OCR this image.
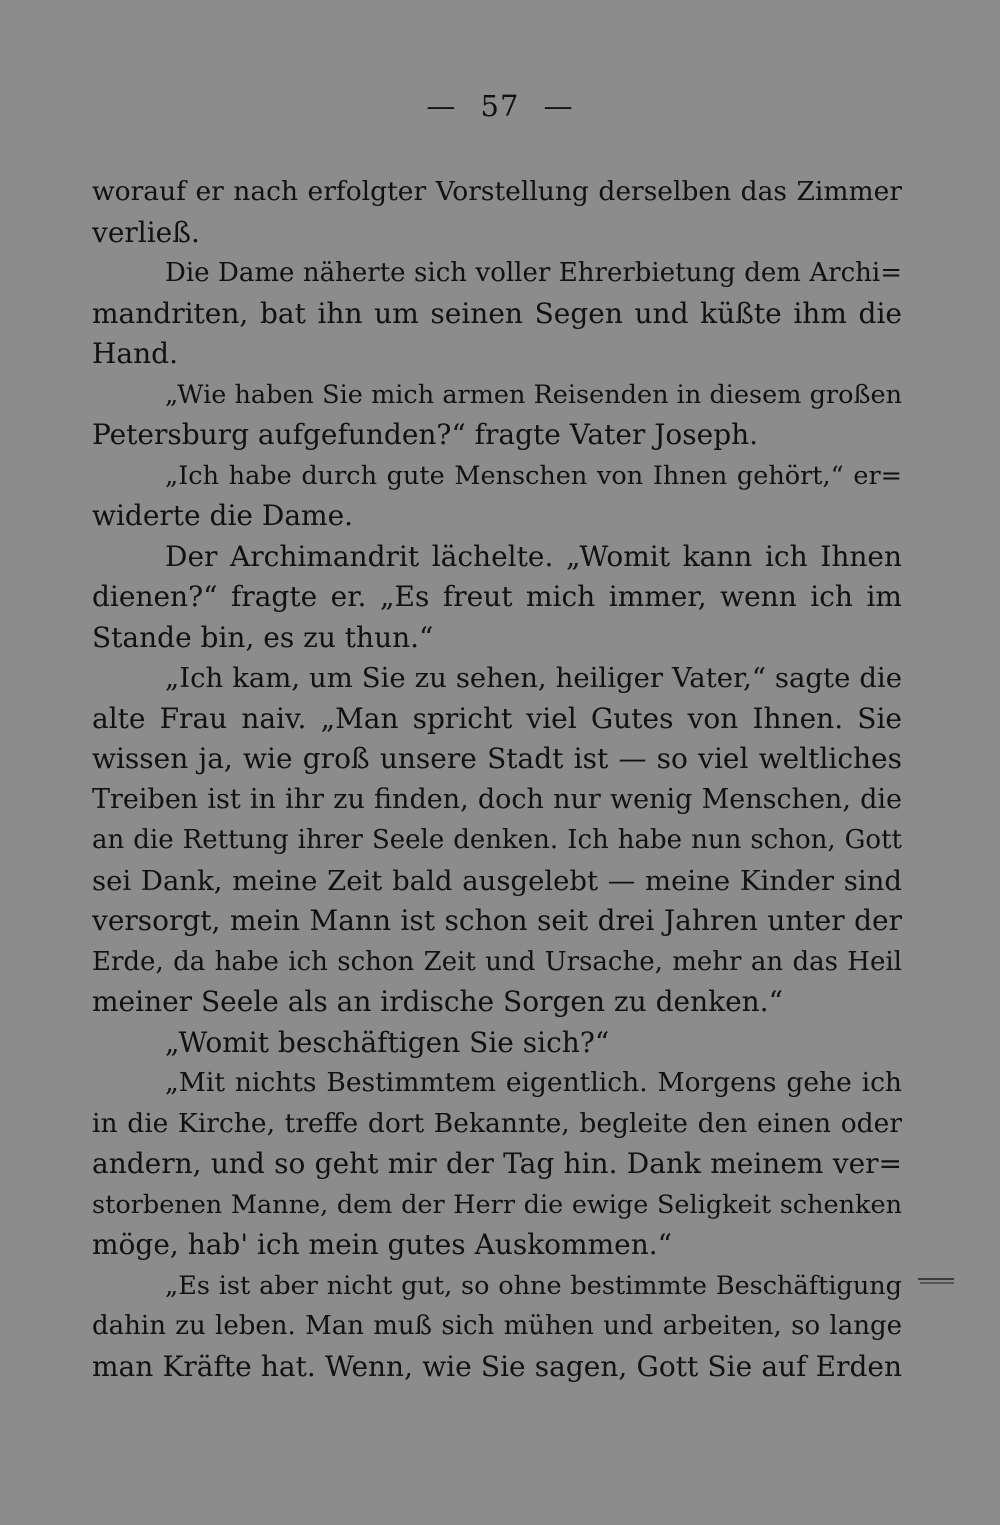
— 57 —
worauf er nach erfolgter Vorstellung derselben das Zimmer
verließ.
Die Dame näherte sich voller Ehrerbietung dem Archi=
mandriten, bat ihn um seinen Segen und küßte ihm die
Hand.
„Wie haben Sie mich armen Reisenden in diesem großen
Petersburg aufgefunden?“ fragte Vater Joseph.
„Ich habe durch gute Menschen von Ihnen gehört,“ er=
widerte die Dame.
Der Archimandrit lächelte. „Womit kann ich Ihnen
dienen?“ fragte er. „Es freut mich immer, wenn ich im
Stande bin, es zu thun.“
„Ich kam, um Sie zu sehen, heiliger Vater,“ sagte die
alte Frau naiv. „Man spricht viel Gutes von Ihnen. Sie
wissen ja, wie groß unsere Stadt ist — so viel weltliches
Treiben ist in ihr zu finden, doch nur wenig Menschen, die
an die Rettung ihrer Seele denken. Ich habe nun schon, Gott
sei Dank, meine Zeit bald ausgelebt — meine Kinder sind
versorgt, mein Mann ist schon seit drei Jahren unter der
Erde, da habe ich schon Zeit und Ursache, mehr an das Heil
meiner Seele als an irdische Sorgen zu denken.“
„Womit beschäftigen Sie sich?“
„Mit nichts Bestimmtem eigentlich. Morgens gehe ich
in die Kirche, treffe dort Bekannte, begleite den einen oder
andern, und so geht mir der Tag hin. Dank meinem ver=
storbenen Manne, dem der Herr die ewige Seligkeit schenken
möge, hab' ich mein gutes Auskommen.“
„Es ist aber nicht gut, so ohne bestimmte Beschäftigung
dahin zu leben. Man muß sich mühen und arbeiten, so lange
man Kräfte hat. Wenn, wie Sie sagen, Gott Sie auf Erden
